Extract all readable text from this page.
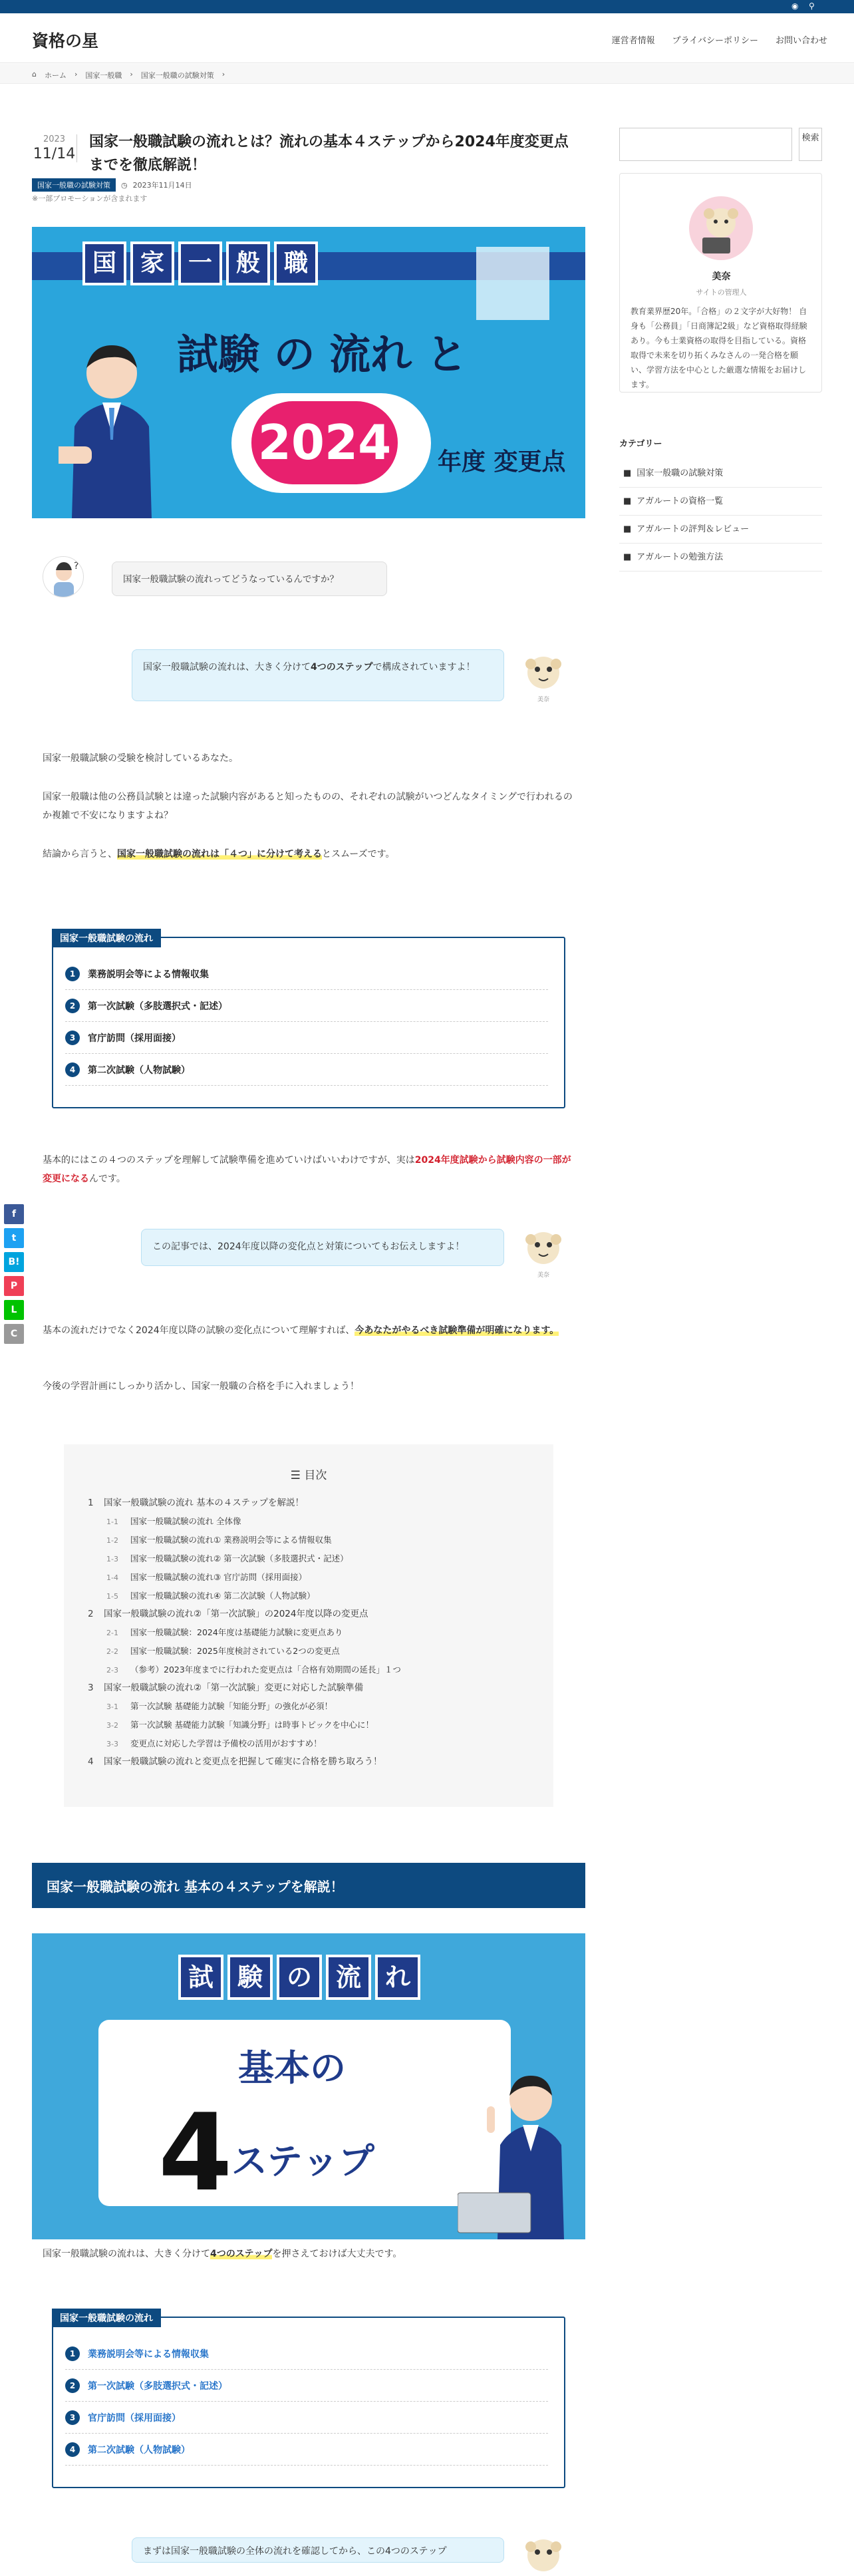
◉ ⚲
資格の星	運営者情報 プライバシーポリシー お問い合わせ
⌂ ホーム › 国家一般職 › 国家一般職の試験対策 ›
2023
11/14
国家一般職試験の流れとは？流れの基本４ステップから2024年度変更点までを徹底解説！
国家一般職の試験対策	◷ 2023年11月14日
※一部プロモーションが含まれます
国 家 一 般 職
試験 の 流れ と
2024 年度 変更点
?
国家一般職試験の流れってどうなっているんですか？
国家一般職試験の流れは、大きく分けて4つのステップで構成されていますよ！
美奈

国家一般職試験の受験を検討しているあなた。

国家一般職は他の公務員試験とは違った試験内容があると知ったものの、それぞれの試験がいつどんなタイミングで行われるのか複雑で不安になりますよね？

結論から言うと、国家一般職試験の流れは「４つ」に分けて考えるとスムーズです。

国家一般職試験の流れ
1	業務説明会等による情報収集
2	第一次試験（多肢選択式・記述）
3	官庁訪問（採用面接）
4	第二次試験（人物試験）

基本的にはこの４つのステップを理解して試験準備を進めていけばいいわけですが、実は2024年度試験から試験内容の一部が変更になるんです。

この記事では、2024年度以降の変化点と対策についてもお伝えしますよ！
美奈

基本の流れだけでなく2024年度以降の試験の変化点について理解すれば、今あなたがやるべき試験準備が明確になります。

今後の学習計画にしっかり活かし、国家一般職の合格を手に入れましょう！

☰ 目次
1 国家一般職試験の流れ 基本の４ステップを解説！
1-1 国家一般職試験の流れ 全体像
1-2 国家一般職試験の流れ① 業務説明会等による情報収集
1-3 国家一般職試験の流れ② 第一次試験（多肢選択式・記述）
1-4 国家一般職試験の流れ③ 官庁訪問（採用面接）
1-5 国家一般職試験の流れ④ 第二次試験（人物試験）
2 国家一般職試験の流れ②「第一次試験」の2024年度以降の変更点
2-1 国家一般職試験：2024年度は基礎能力試験に変更点あり
2-2 国家一般職試験：2025年度検討されている2つの変更点
2-3 （参考）2023年度までに行われた変更点は「合格有効期間の延長」１つ
3 国家一般職試験の流れ②「第一次試験」変更に対応した試験準備
3-1 第一次試験 基礎能力試験「知能分野」の強化が必須！
3-2 第一次試験 基礎能力試験「知識分野」は時事トピックを中心に！
3-3 変更点に対応した学習は予備校の活用がおすすめ！
4 国家一般職試験の流れと変更点を把握して確実に合格を勝ち取ろう！
国家一般職試験の流れ 基本の４ステップを解説！
試 験 の 流 れ
基本の
4
ステップ

国家一般職試験の流れは、大きく分けて4つのステップを押さえておけば大丈夫です。

国家一般職試験の流れ
1	業務説明会等による情報収集
2	第一次試験（多肢選択式・記述）
3	官庁訪問（採用面接）
4	第二次試験（人物試験）
まずは国家一般職試験の全体の流れを確認してから、この4つのステップ
検索
美奈
サイトの管理人
教育業界歴20年。「合格」の２文字が大好物！ 自身も「公務員」「日商簿記2級」など資格取得経験あり。今も士業資格の取得を目指している。資格取得で未来を切り拓くみなさんの一発合格を願い、学習方法を中心とした厳選な情報をお届けします。
カテゴリー
■ 国家一般職の試験対策
■ アガルートの資格一覧
■ アガルートの評判＆レビュー
■ アガルートの勉強方法
f
t
B!
P
L
C
